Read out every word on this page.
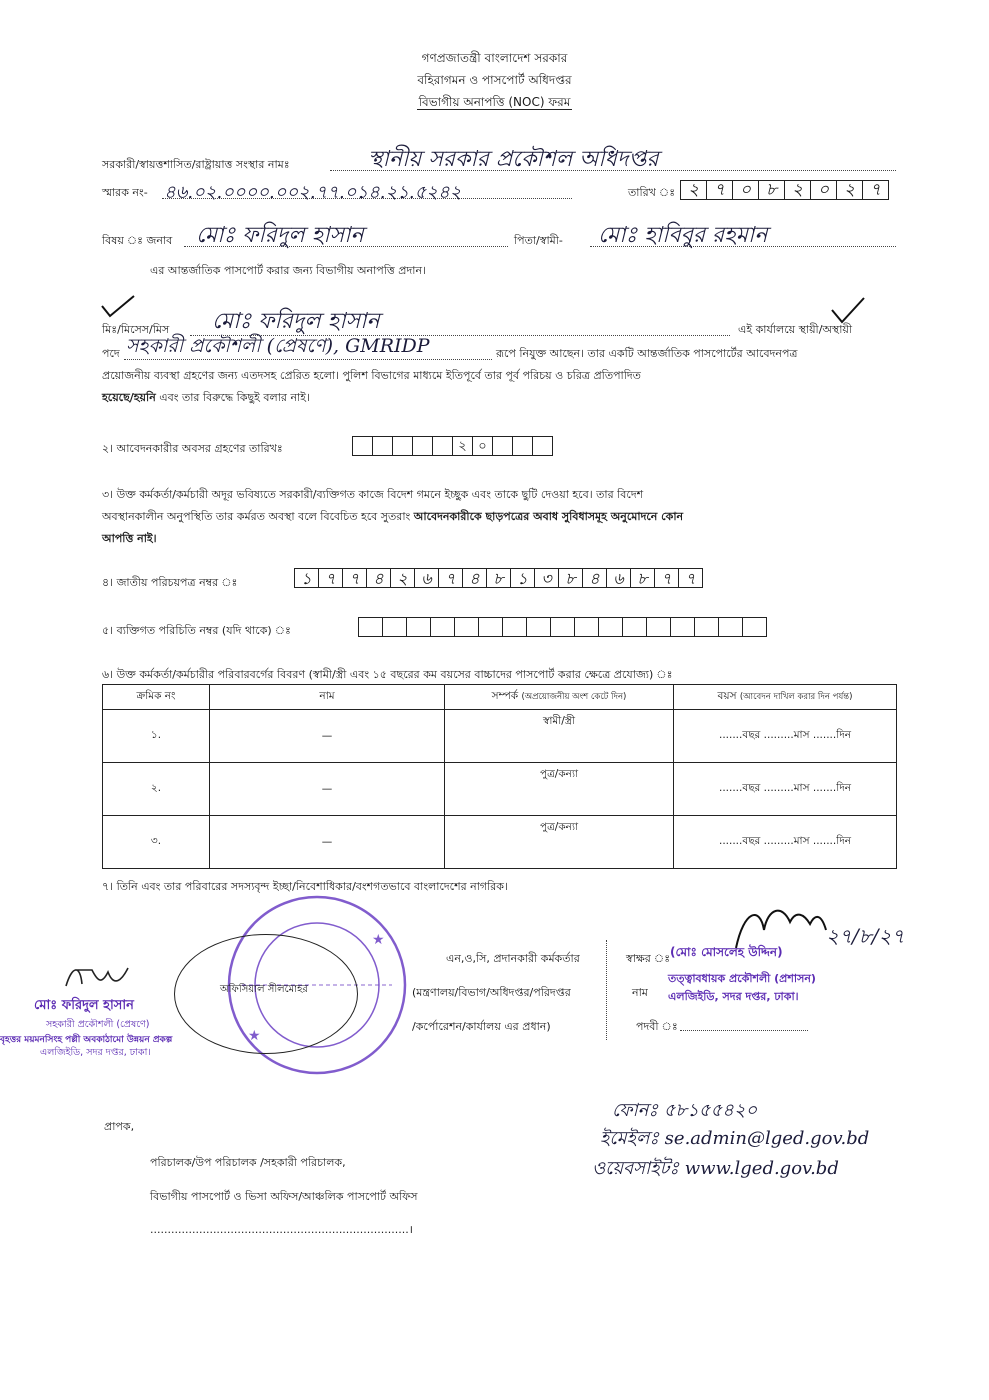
গণপ্রজাতন্ত্রী বাংলাদেশ সরকার
বহিরাগমন ও পাসপোর্ট অধিদপ্তর
বিভাগীয় অনাপত্তি (NOC) ফরম
সরকারী/স্বায়ত্তশাসিত/রাষ্ট্রায়াত্ত সংস্থার নামঃ	স্থানীয় সরকার প্রকৌশল অধিদপ্তর
স্মারক নং- ৪৬.০২.০০০০.০০২.৭৭.০১৪.২১.৫২৪২	তারিখ ঃ ২ ৭ ০ ৮ ২ ০ ২ ৭
বিষয় ঃ জনাব মোঃ ফরিদুল হাসান	পিতা/স্বামী- মোঃ হাবিবুর রহমান
এর আন্তর্জাতিক পাসপোর্ট করার জন্য বিভাগীয় অনাপত্তি প্রদান।
মিঃ/মিসেস/মিস মোঃ ফরিদুল হাসান	এই কার্যালয়ে স্থায়ী/অস্থায়ী
পদে সহকারী প্রকৌশলী (প্রেষণে), GMRIDP	রূপে নিযুক্ত আছেন। তার একটি আন্তর্জাতিক পাসপোর্টের আবেদনপত্র
প্রয়োজনীয় ব্যবস্থা গ্রহণের জন্য এতদসহ প্রেরিত হলো। পুলিশ বিভাগের মাধ্যমে ইতিপূর্বে তার পূর্ব পরিচয় ও চরিত্র প্রতিপাদিত
হয়েছে/হয়নি এবং তার বিরুদ্ধে কিছুই বলার নাই।
২। আবেদনকারীর অবসর গ্রহণের তারিখঃ	২ ০
৩। উক্ত কর্মকর্তা/কর্মচারী অদূর ভবিষ্যতে সরকারী/ব্যক্তিগত কাজে বিদেশ গমনে ইচ্ছুক এবং তাকে ছুটি দেওয়া হবে। তার বিদেশ
অবস্থানকালীন অনুপস্থিতি তার কর্মরত অবস্থা বলে বিবেচিত হবে সুতরাং আবেদনকারীকে ছাড়পত্রের অবাধ সুবিধাসমূহ অনুমোদনে কোন
আপত্তি নাই।
৪। জাতীয় পরিচয়পত্র নম্বর ঃ	১ ৭ ৭ ৪ ২ ৬ ৭ ৪ ৮ ১ ৩ ৮ ৪ ৬ ৮ ৭ ৭
৫। ব্যক্তিগত পরিচিতি নম্বর (যদি থাকে) ঃ
৬। উক্ত কর্মকর্তা/কর্মচারীর পরিবারবর্গের বিবরণ (স্বামী/স্ত্রী এবং ১৫ বছরের কম বয়সের বাচ্চাদের পাসপোর্ট করার ক্ষেত্রে প্রযোজ্য) ঃ
ক্রমিক নং	নাম	সম্পর্ক (অপ্রয়োজনীয় অংশ কেটে দিন)	বয়স (আবেদন দাখিল করার দিন পর্যন্ত)
১.	—	স্বামী/স্ত্রী	.......বছর .........মাস .......দিন
২.	—	পুত্র/কন্যা	.......বছর .........মাস .......দিন
৩.	—	পুত্র/কন্যা	.......বছর .........মাস .......দিন
৭। তিনি এবং তার পরিবারের সদস্যবৃন্দ ইচ্ছা/নিবেশাধিকার/বংশগতভাবে বাংলাদেশের নাগরিক।
★
★
অফিসিয়াল সীলমোহর
মোঃ ফরিদুল হাসান
সহকারী প্রকৌশলী (প্রেষণে)
বৃহত্তর ময়মনসিংহ পল্লী অবকাঠামো উন্নয়ন প্রকল্প
এলজিইডি, সদর দপ্তর, ঢাকা।
এন,ও,সি, প্রদানকারী কর্মকর্তার
(মন্ত্রণালয়/বিভাগ/অধিদপ্তর/পরিদপ্তর
/কর্পোরেশন/কার্যালয় এর প্রধান)
স্বাক্ষর ঃ
নাম
পদবী ঃ
(মোঃ মোসলেহ উদ্দিন)
তত্ত্বাবধায়ক প্রকৌশলী (প্রশাসন)
এলজিইডি, সদর দপ্তর, ঢাকা।
২৭/৮/২৭
ফোনঃ ৫৮১৫৫৪২০
ইমেইলঃ se.admin@lged.gov.bd
ওয়েবসাইটঃ www.lged.gov.bd
প্রাপক,
পরিচালক/উপ পরিচালক /সহকারী পরিচালক,
বিভাগীয় পাসপোর্ট ও ভিসা অফিস/আঞ্চলিক পাসপোর্ট অফিস
..........................................................................।
